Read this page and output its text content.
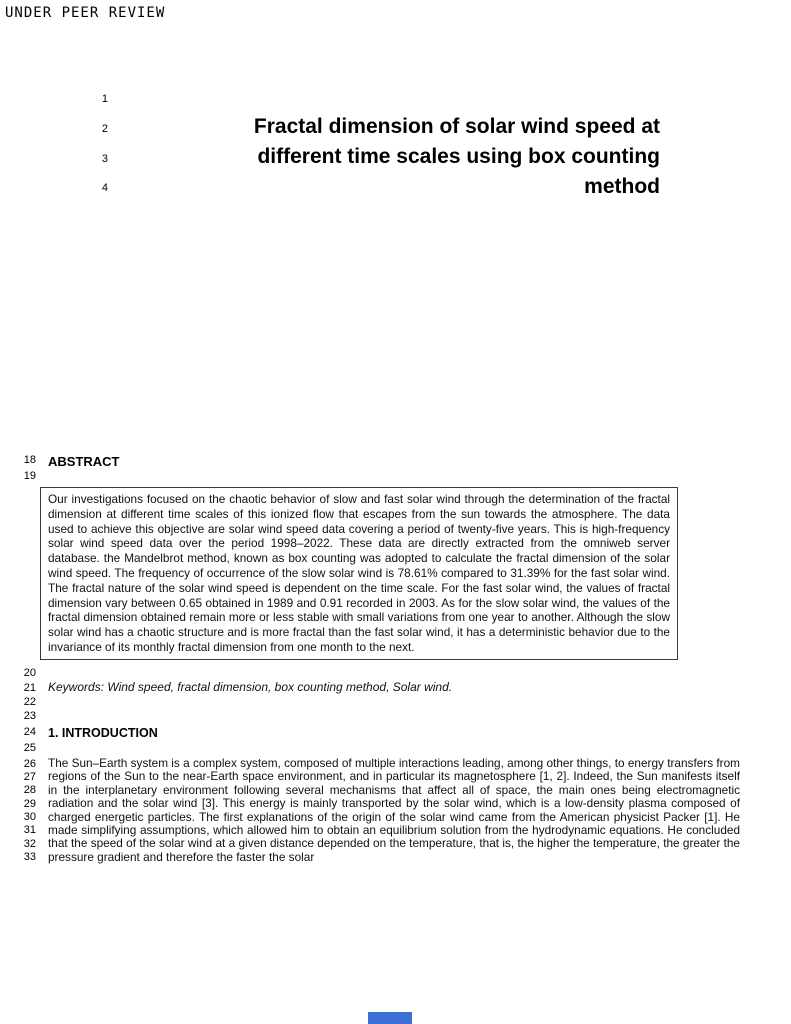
UNDER PEER REVIEW
1
2
3
4
18
19
20
21
22
23
24
25
26
27
28
29
30
31
32
33
Fractal dimension of solar wind speed at
different time scales using box counting
method
ABSTRACT
Our investigations focused on the chaotic behavior of slow and fast solar wind through the determination of the fractal dimension at different time scales of this ionized flow that escapes from the sun towards the atmosphere. The data used to achieve this objective are solar wind speed data covering a period of twenty-five years. This is high-frequency solar wind speed data over the period 1998–2022. These data are directly extracted from the omniweb server database. the Mandelbrot method, known as box counting was adopted to calculate the fractal dimension of the solar wind speed. The frequency of occurrence of the slow solar wind is 78.61% compared to 31.39% for the fast solar wind. The fractal nature of the solar wind speed is dependent on the time scale. For the fast solar wind, the values of fractal dimension vary between 0.65 obtained in 1989 and 0.91 recorded in 2003. As for the slow solar wind, the values of the fractal dimension obtained remain more or less stable with small variations from one year to another. Although the slow solar wind has a chaotic structure and is more fractal than the fast solar wind, it has a deterministic behavior due to the invariance of its monthly fractal dimension from one month to the next.
Keywords: Wind speed, fractal dimension, box counting method, Solar wind.
1. INTRODUCTION
The Sun–Earth system is a complex system, composed of multiple interactions leading, among other things, to energy transfers from regions of the Sun to the near-Earth space environment, and in particular its magnetosphere [1, 2]. Indeed, the Sun manifests itself in the interplanetary environment following several mechanisms that affect all of space, the main ones being electromagnetic radiation and the solar wind [3]. This energy is mainly transported by the solar wind, which is a low-density plasma composed of charged energetic particles. The first explanations of the origin of the solar wind came from the American physicist Packer [1]. He made simplifying assumptions, which allowed him to obtain an equilibrium solution from the hydrodynamic equations. He concluded that the speed of the solar wind at a given distance depended on the temperature, that is, the higher the temperature, the greater the pressure gradient and therefore the faster the solar
